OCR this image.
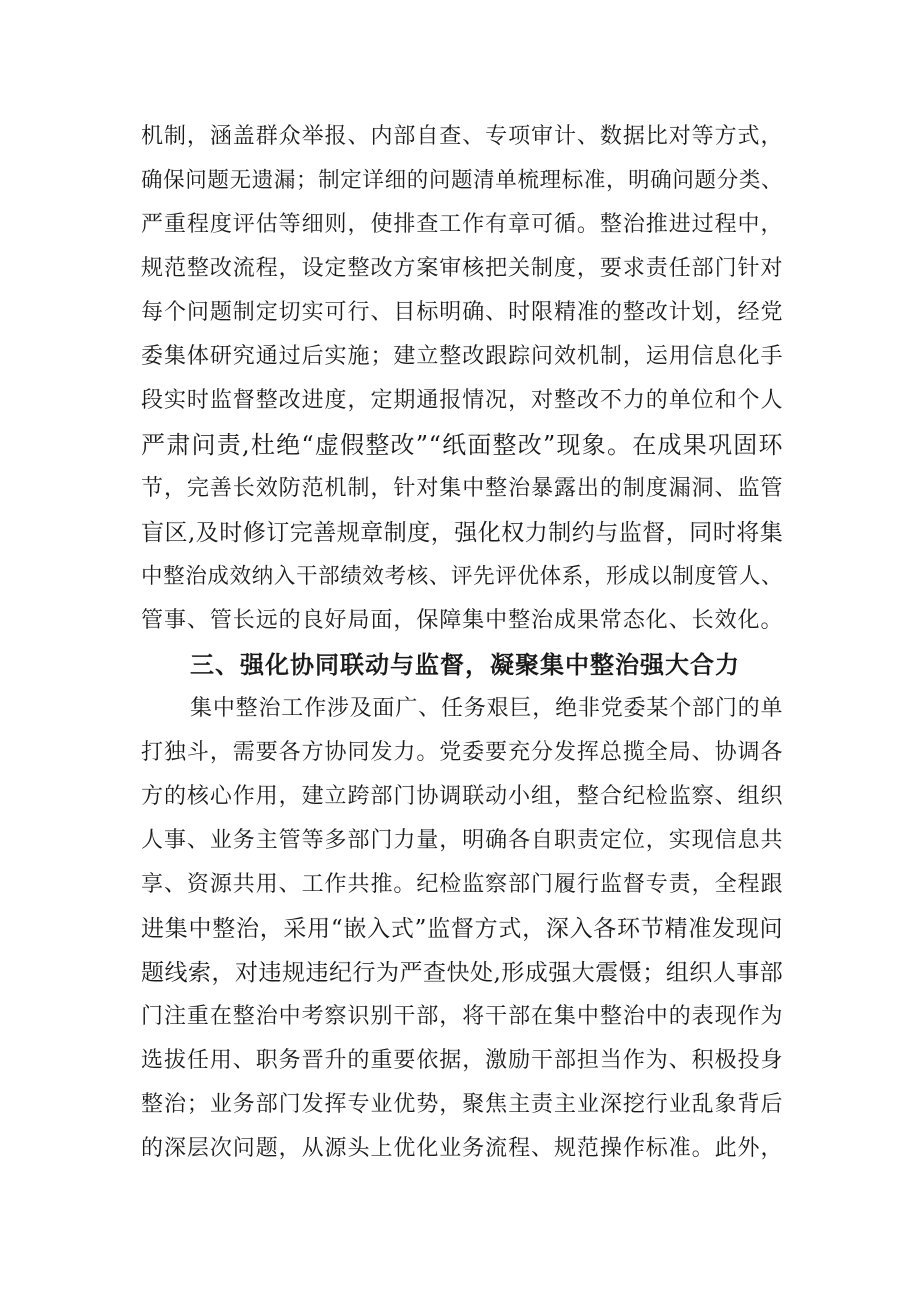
机制，涵盖群众举报、内部自查、专项审计、数据比对等方式，
确保问题无遗漏；制定详细的问题清单梳理标准，明确问题分类、
严重程度评估等细则，使排查工作有章可循。整治推进过程中，
规范整改流程，设定整改方案审核把关制度，要求责任部门针对
每个问题制定切实可行、目标明确、时限精准的整改计划，经党
委集体研究通过后实施；建立整改跟踪问效机制，运用信息化手
段实时监督整改进度，定期通报情况，对整改不力的单位和个人
严肃问责,杜绝“虚假整改”“纸面整改”现象。在成果巩固环
节，完善长效防范机制，针对集中整治暴露出的制度漏洞、监管
盲区,及时修订完善规章制度，强化权力制约与监督，同时将集
中整治成效纳入干部绩效考核、评先评优体系，形成以制度管人、
管事、管长远的良好局面，保障集中整治成果常态化、长效化。
三、强化协同联动与监督，凝聚集中整治强大合力
集中整治工作涉及面广、任务艰巨，绝非党委某个部门的单
打独斗，需要各方协同发力。党委要充分发挥总揽全局、协调各
方的核心作用，建立跨部门协调联动小组，整合纪检监察、组织
人事、业务主管等多部门力量，明确各自职责定位，实现信息共
享、资源共用、工作共推。纪检监察部门履行监督专责，全程跟
进集中整治，采用“嵌入式”监督方式，深入各环节精准发现问
题线索，对违规违纪行为严查快处,形成强大震慑；组织人事部
门注重在整治中考察识别干部，将干部在集中整治中的表现作为
选拔任用、职务晋升的重要依据，激励干部担当作为、积极投身
整治；业务部门发挥专业优势，聚焦主责主业深挖行业乱象背后
的深层次问题，从源头上优化业务流程、规范操作标准。此外，
